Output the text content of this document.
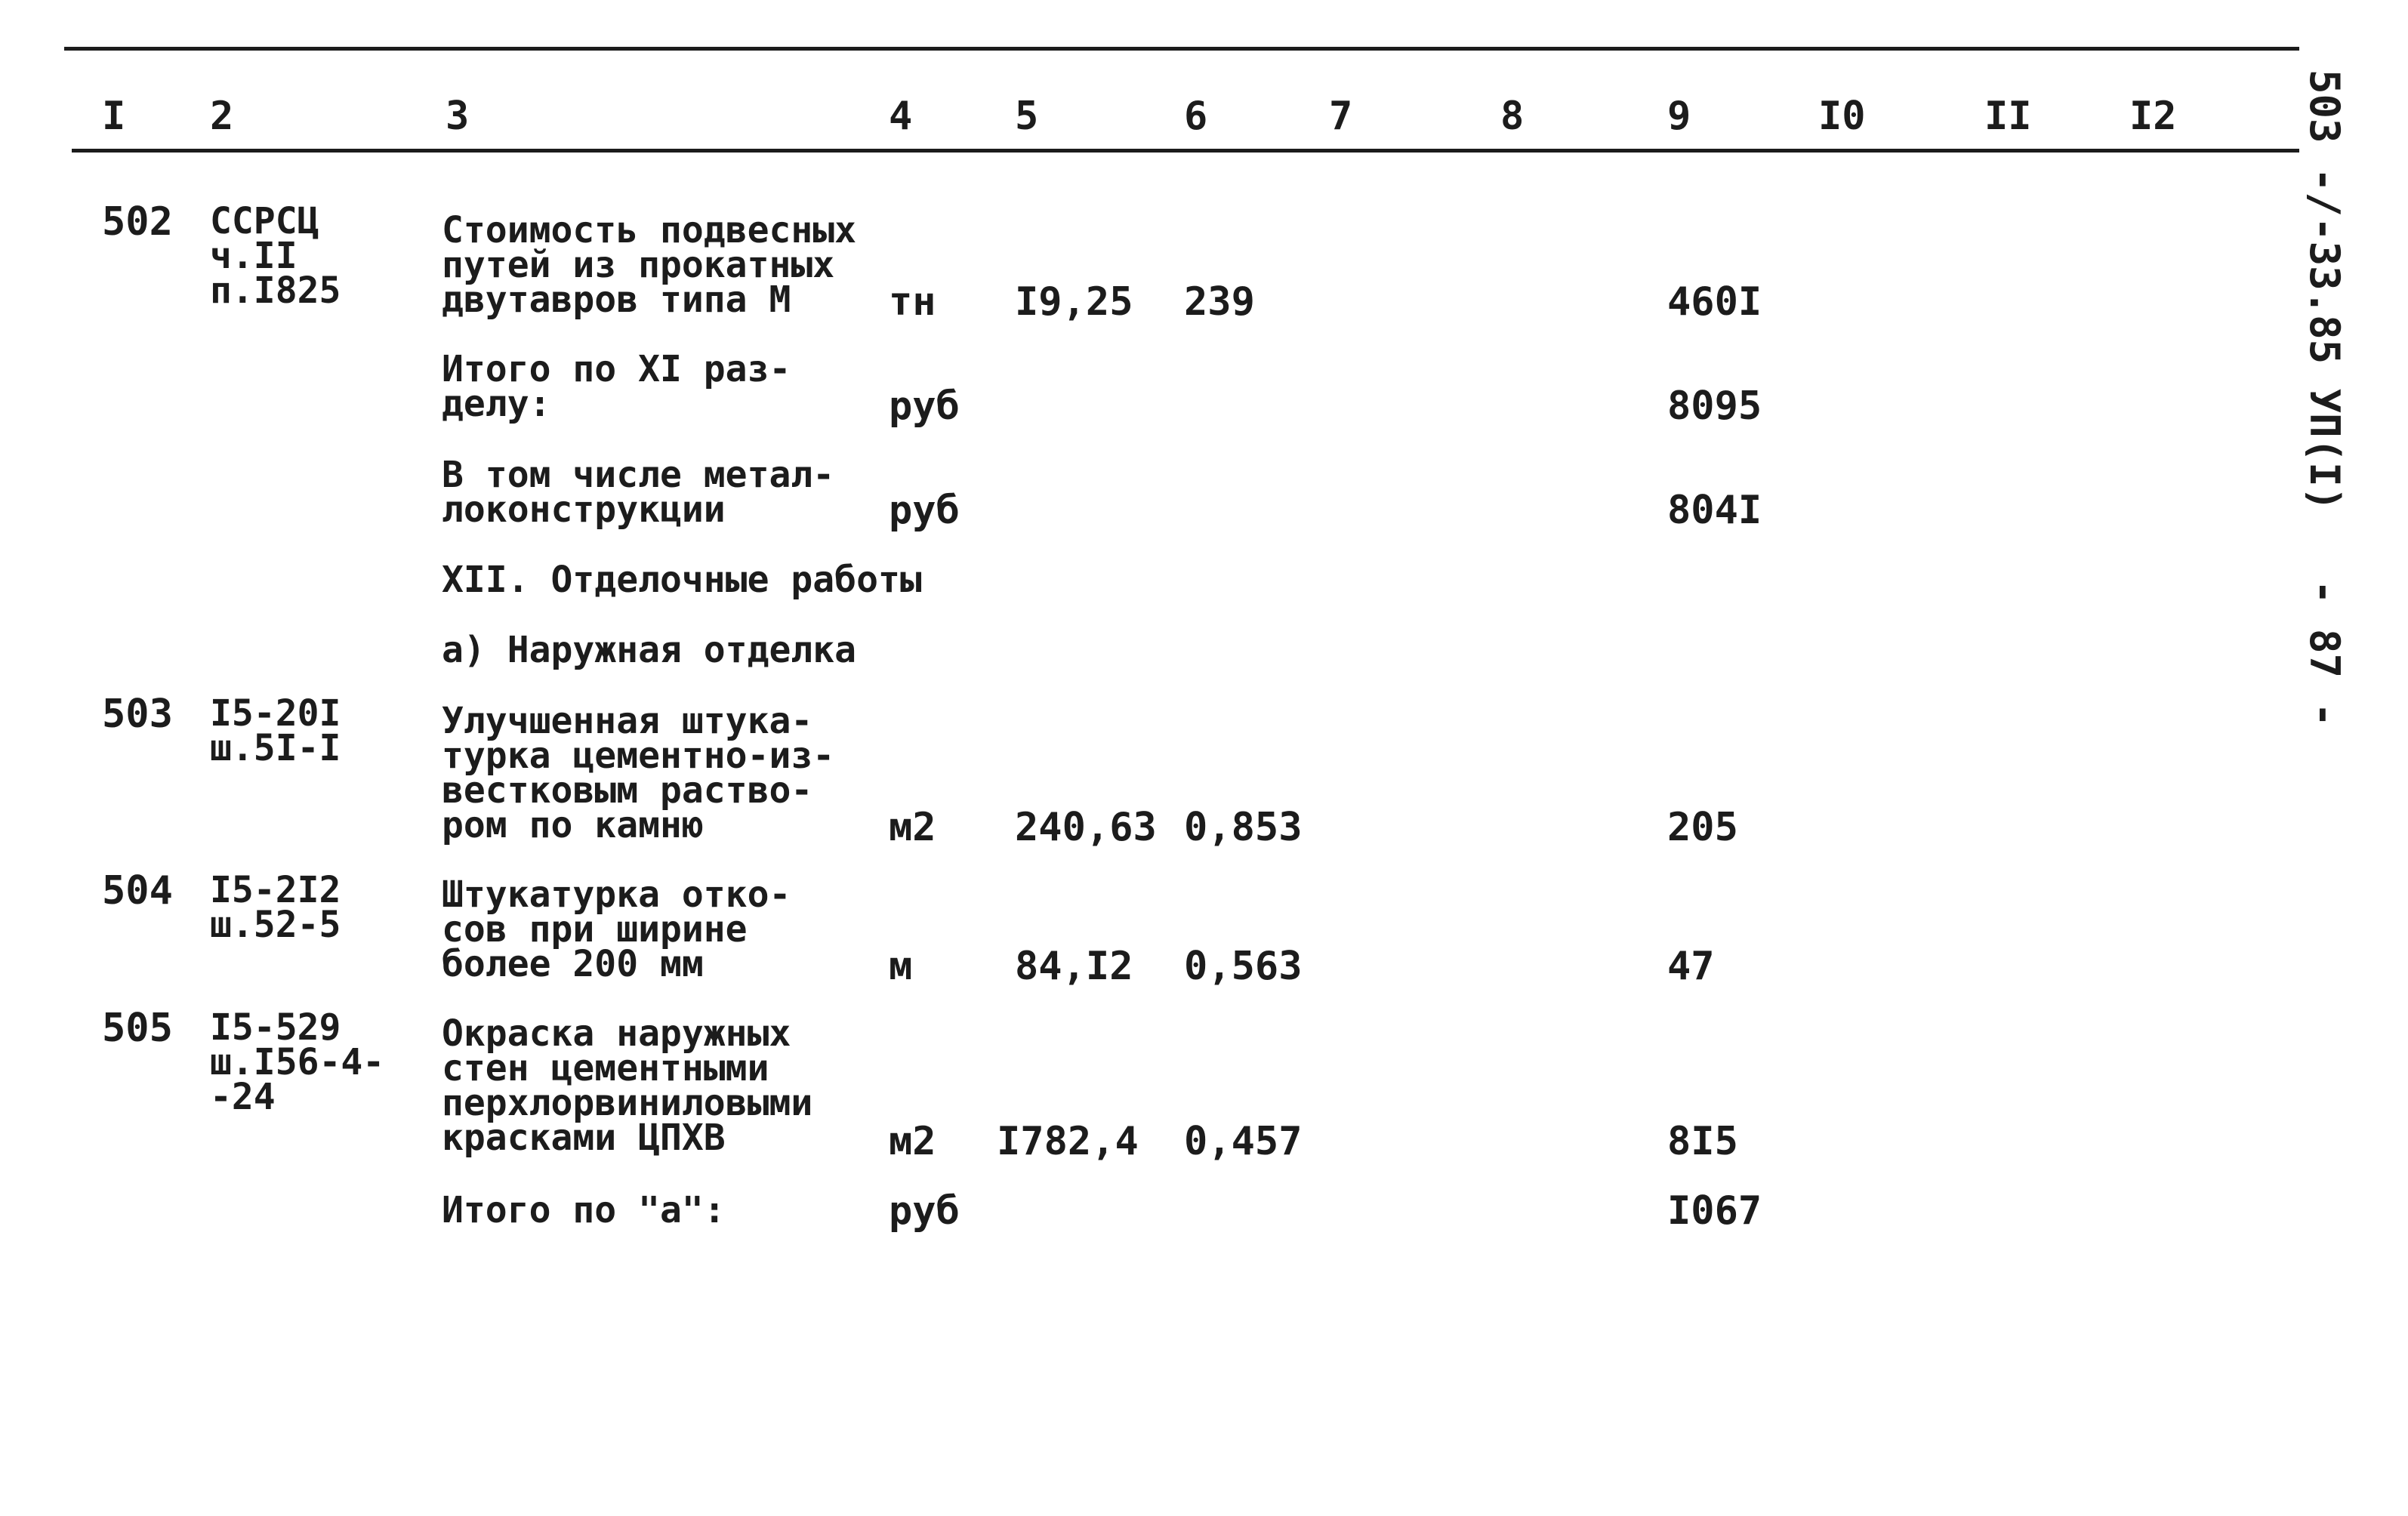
I 2	3	4	5	6	7	8	9	I0	II I2
502 ССРСЦ
ч.II
п.I825
Стоимость подвесных
путей из прокатных
двутавров типа М	тн I9,25 239	460I
Итого по XI раз-
делу:	руб	8095
В том числе метал-
локонструкции	руб	804I
XII. Отделочные работы
а) Наружная отделка
503 I5-20I
ш.5I-I
Улучшенная штука-
турка цементно-из-
вестковым раство-
ром по камню	м2 240,63 0,853	205
504 I5-2I2
ш.52-5
Штукатурка отко-
сов при ширине
более 200 мм	м	84,I2 0,563	47
505 I5-529
ш.I56-4-
-24
Окраска наружных
стен цементными
перхлорвиниловыми
красками ЦПХВ	м2 I782,4 0,457	8I5
Итого по "а":	руб	I067
503 -/-33.85 УП(I)
- 87 -
